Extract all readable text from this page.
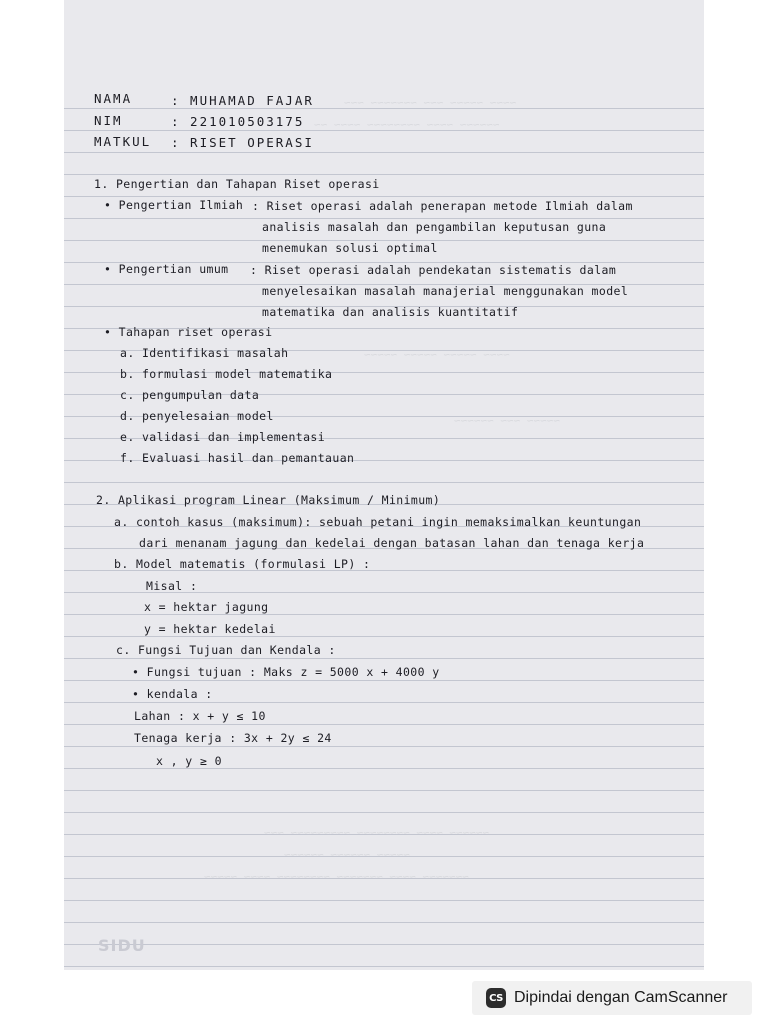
~~~~ ~~~~~ ~~~ ~~~~~~~ ~~~
~~~~~~ ~~~~ ~~~~~~~~ ~~~~ ~~
~~~~ ~~~~~ ~~~~~ ~~~~~
~~~~~ ~~~ ~~~~~~
~~~~~~ ~~~~ ~~~~~~~~ ~~~~~~~~~ ~~~
~~~~~ ~~~~~~ ~~~~~~
~~~~~~~ ~~~~ ~~~~~~~ ~~~~~~~~ ~~~~ ~~~~~
NAMA	: MUHAMAD FAJAR
NIM	: 221010503175
MATKUL : RISET OPERASI
1. Pengertian dan Tahapan Riset operasi
• Pengertian Ilmiah : Riset operasi adalah penerapan metode Ilmiah dalam
analisis masalah dan pengambilan keputusan guna
menemukan solusi optimal
• Pengertian umum : Riset operasi adalah pendekatan sistematis dalam
menyelesaikan masalah manajerial menggunakan model
matematika dan analisis kuantitatif
• Tahapan riset operasi
a. Identifikasi masalah
b. formulasi model matematika
c. pengumpulan data
d. penyelesaian model
e. validasi dan implementasi
f. Evaluasi hasil dan pemantauan
2. Aplikasi program Linear (Maksimum / Minimum)
a. contoh kasus (maksimum): sebuah petani ingin memaksimalkan keuntungan
dari menanam jagung dan kedelai dengan batasan lahan dan tenaga kerja
b. Model matematis (formulasi LP) :
Misal :
x = hektar jagung
y = hektar kedelai
c. Fungsi Tujuan dan Kendala :
• Fungsi tujuan : Maks z = 5000 x + 4000 y
• kendala :
Lahan : x + y ≤ 10
Tenaga kerja : 3x + 2y ≤ 24
x , y ≥ 0
SIDU
CS Dipindai dengan CamScanner
